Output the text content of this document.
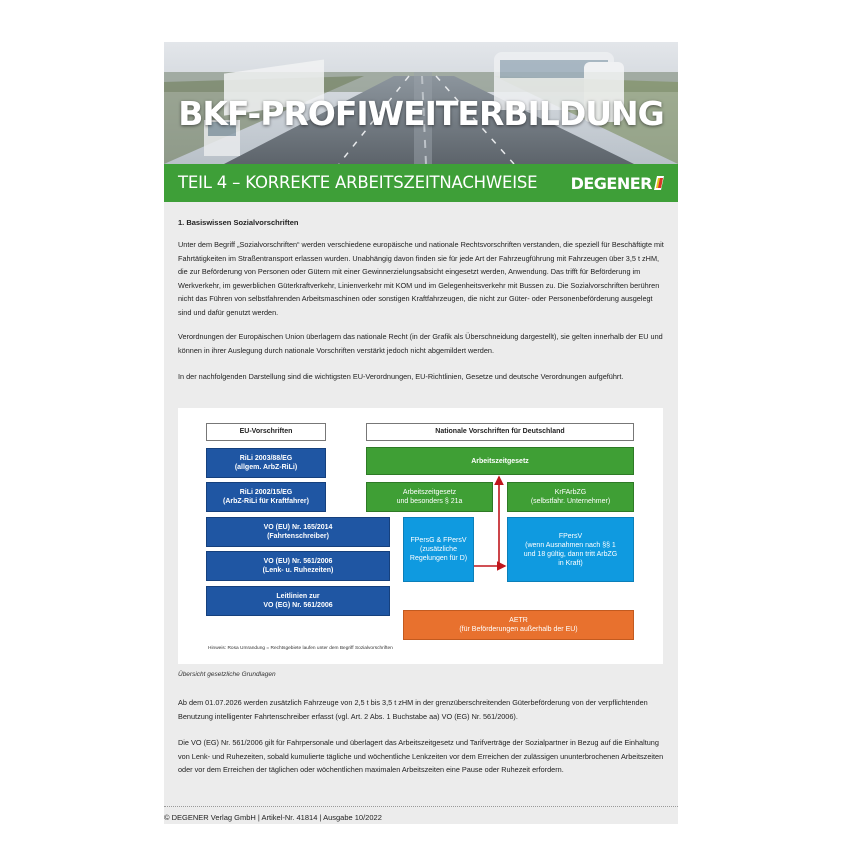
BKF-PROFIWEITERBILDUNG
TEIL 4 – KORREKTE ARBEITSZEITNACHWEISE DEGENER
1. Basiswissen Sozialvorschriften

Unter dem Begriff „Sozialvorschriften“ werden verschiedene europäische und nationale Rechtsvorschriften verstanden, die speziell für Beschäftigte mit Fahrtätigkeiten im Straßentransport erlassen wurden. Unabhängig davon finden sie für jede Art der Fahrzeugführung mit Fahrzeugen über 3,5 t zHM, die zur Beförderung von Personen oder Gütern mit einer Gewinnerzielungsabsicht eingesetzt werden, Anwendung. Das trifft für Beförderung im Werkverkehr, im gewerblichen Güterkraftverkehr, Linienverkehr mit KOM und im Gelegenheitsverkehr mit Bussen zu. Die Sozialvorschriften berühren nicht das Führen von selbstfahrenden Arbeitsmaschinen oder sonstigen Kraftfahrzeugen, die nicht zur Güter- oder Personenbeförderung ausgelegt sind und dafür genutzt werden.

Verordnungen der Europäischen Union überlagern das nationale Recht (in der Grafik als Überschneidung dargestellt), sie gelten innerhalb der EU und können in ihrer Auslegung durch nationale Vorschriften verstärkt jedoch nicht abgemildert werden.

In der nachfolgenden Darstellung sind die wichtigsten EU-Verordnungen, EU-Richtlinien, Gesetze und deutsche Verordnungen aufgeführt.

EU-Vorschriften	Nationale Vorschriften für Deutschland
RiLi 2003/88/EG
(allgem. ArbZ-RiLi)
RiLi 2002/15/EG
(ArbZ-RiLi für Kraftfahrer)
VO (EU) Nr. 165/2014
(Fahrtenschreiber)
VO (EU) Nr. 561/2006
(Lenk- u. Ruhezeiten)
Leitlinien zur
VO (EG) Nr. 561/2006
Arbeitszeitgesetz
Arbeitszeitgesetz
und besonders § 21a
KrFArbZG
(selbstfahr. Unternehmer)
FPersG & FPersV
(zusätzliche
Regelungen für D)
FPersV
(wenn Ausnahmen nach §§ 1
und 18 gültig, dann tritt ArbZG
in Kraft)
AETR
(für Beförderungen außerhalb der EU)
Hinweis: Rosa Umrandung = Rechtsgebiete laufen unter dem Begriff Sozialvorschriften
Übersicht gesetzliche Grundlagen

Ab dem 01.07.2026 werden zusätzlich Fahrzeuge von 2,5 t bis 3,5 t zHM in der grenzüberschreitenden Güterbeförderung von der verpflichtenden Benutzung intelligenter Fahrtenschreiber erfasst (vgl. Art. 2 Abs. 1 Buchstabe aa) VO (EG) Nr. 561/2006).

Die VO (EG) Nr. 561/2006 gilt für Fahrpersonale und überlagert das Arbeitszeitgesetz und Tarifverträge der Sozialpartner in Bezug auf die Einhaltung von Lenk- und Ruhezeiten, sobald kumulierte tägliche und wöchentliche Lenkzeiten vor dem Erreichen der zulässigen ununterbrochenen Arbeitszeiten oder vor dem Erreichen der täglichen oder wöchentlichen maximalen Arbeitszeiten eine Pause oder Ruhezeit erfordern.

© DEGENER Verlag GmbH | Artikel-Nr. 41814 | Ausgabe 10/2022
